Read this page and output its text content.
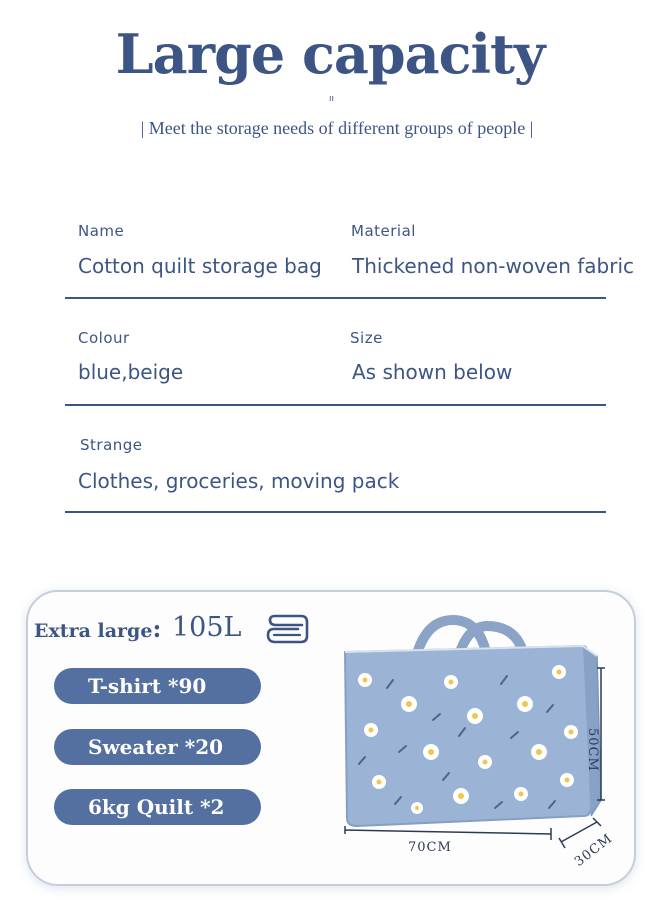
Large capacity
ıı
| Meet the storage needs of different groups of people |
Name
Cotton quilt storage bag
Material
Thickened non-woven fabric
Colour
blue,beige
Size
As shown below
Strange
Clothes, groceries, moving pack
Extra large: 105L
T-shirt *90
Sweater *20
6kg Quilt *2
70CM
50CM
30CM
